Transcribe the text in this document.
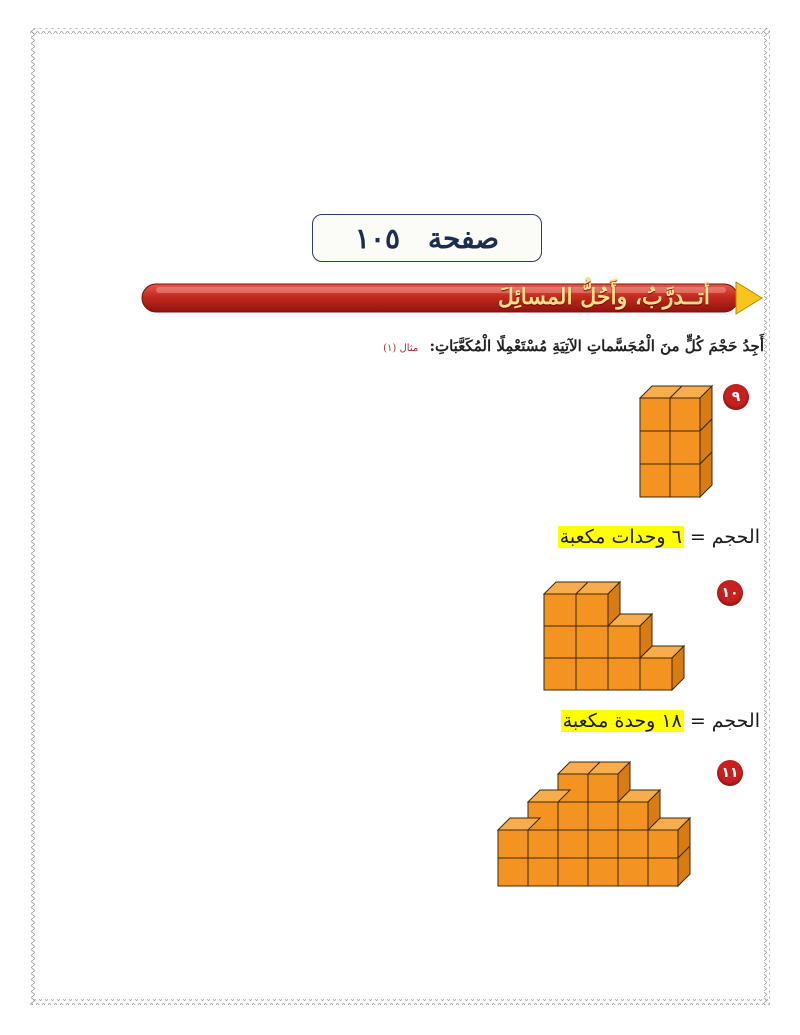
صفحة
١٠٥
أتــدرَّبُ، وأَحُلُّ المسائِلَ
أَجِدُ حَجْمَ كُلٍّ منَ الْمُجَسَّماتِ الآتِيَةِ مُسْتَعْمِلًا الْمُكَعَّبَاتِ: مثال (١)
٩
الحجم=٦ وحدات مكعبة
١٠
الحجم=١٨ وحدة مكعبة
١١
